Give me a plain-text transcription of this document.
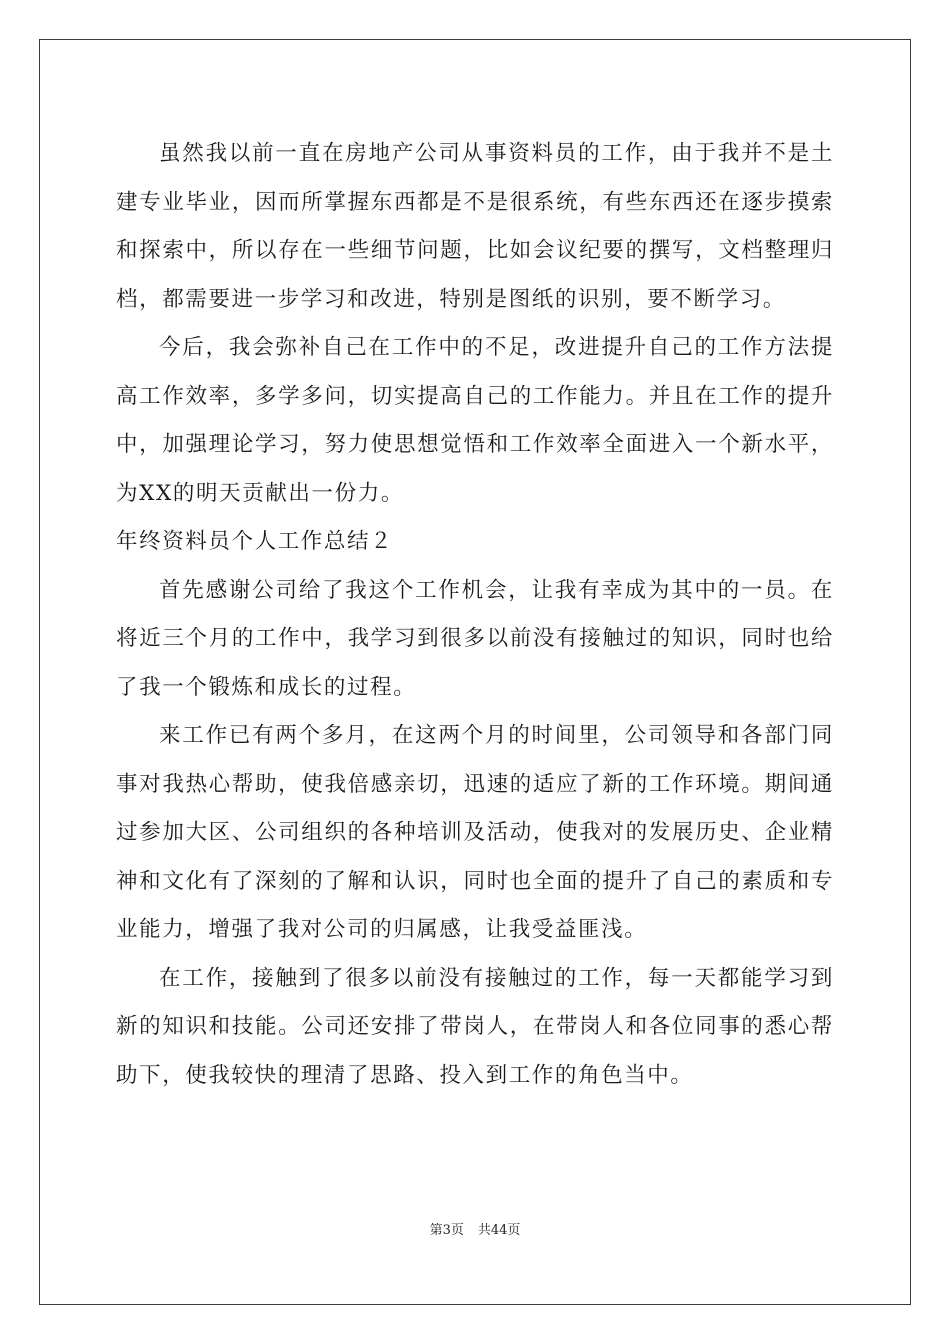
虽然我以前一直在房地产公司从事资料员的工作，由于我并不是土建专业毕业，因而所掌握东西都是不是很系统，有些东西还在逐步摸索和探索中，所以存在一些细节问题，比如会议纪要的撰写，文档整理归档，都需要进一步学习和改进，特别是图纸的识别，要不断学习。

今后，我会弥补自己在工作中的不足，改进提升自己的工作方法提高工作效率，多学多问，切实提高自己的工作能力。并且在工作的提升中，加强理论学习，努力使思想觉悟和工作效率全面进入一个新水平，为XX的明天贡献出一份力。

年终资料员个人工作总结２

首先感谢公司给了我这个工作机会，让我有幸成为其中的一员。在将近三个月的工作中，我学习到很多以前没有接触过的知识，同时也给了我一个锻炼和成长的过程。

来工作已有两个多月，在这两个月的时间里，公司领导和各部门同事对我热心帮助，使我倍感亲切，迅速的适应了新的工作环境。期间通过参加大区、公司组织的各种培训及活动，使我对的发展历史、企业精神和文化有了深刻的了解和认识，同时也全面的提升了自己的素质和专业能力，增强了我对公司的归属感，让我受益匪浅。

在工作，接触到了很多以前没有接触过的工作，每一天都能学习到新的知识和技能。公司还安排了带岗人，在带岗人和各位同事的悉心帮助下，使我较快的理清了思路、投入到工作的角色当中。

第3页 共44页
